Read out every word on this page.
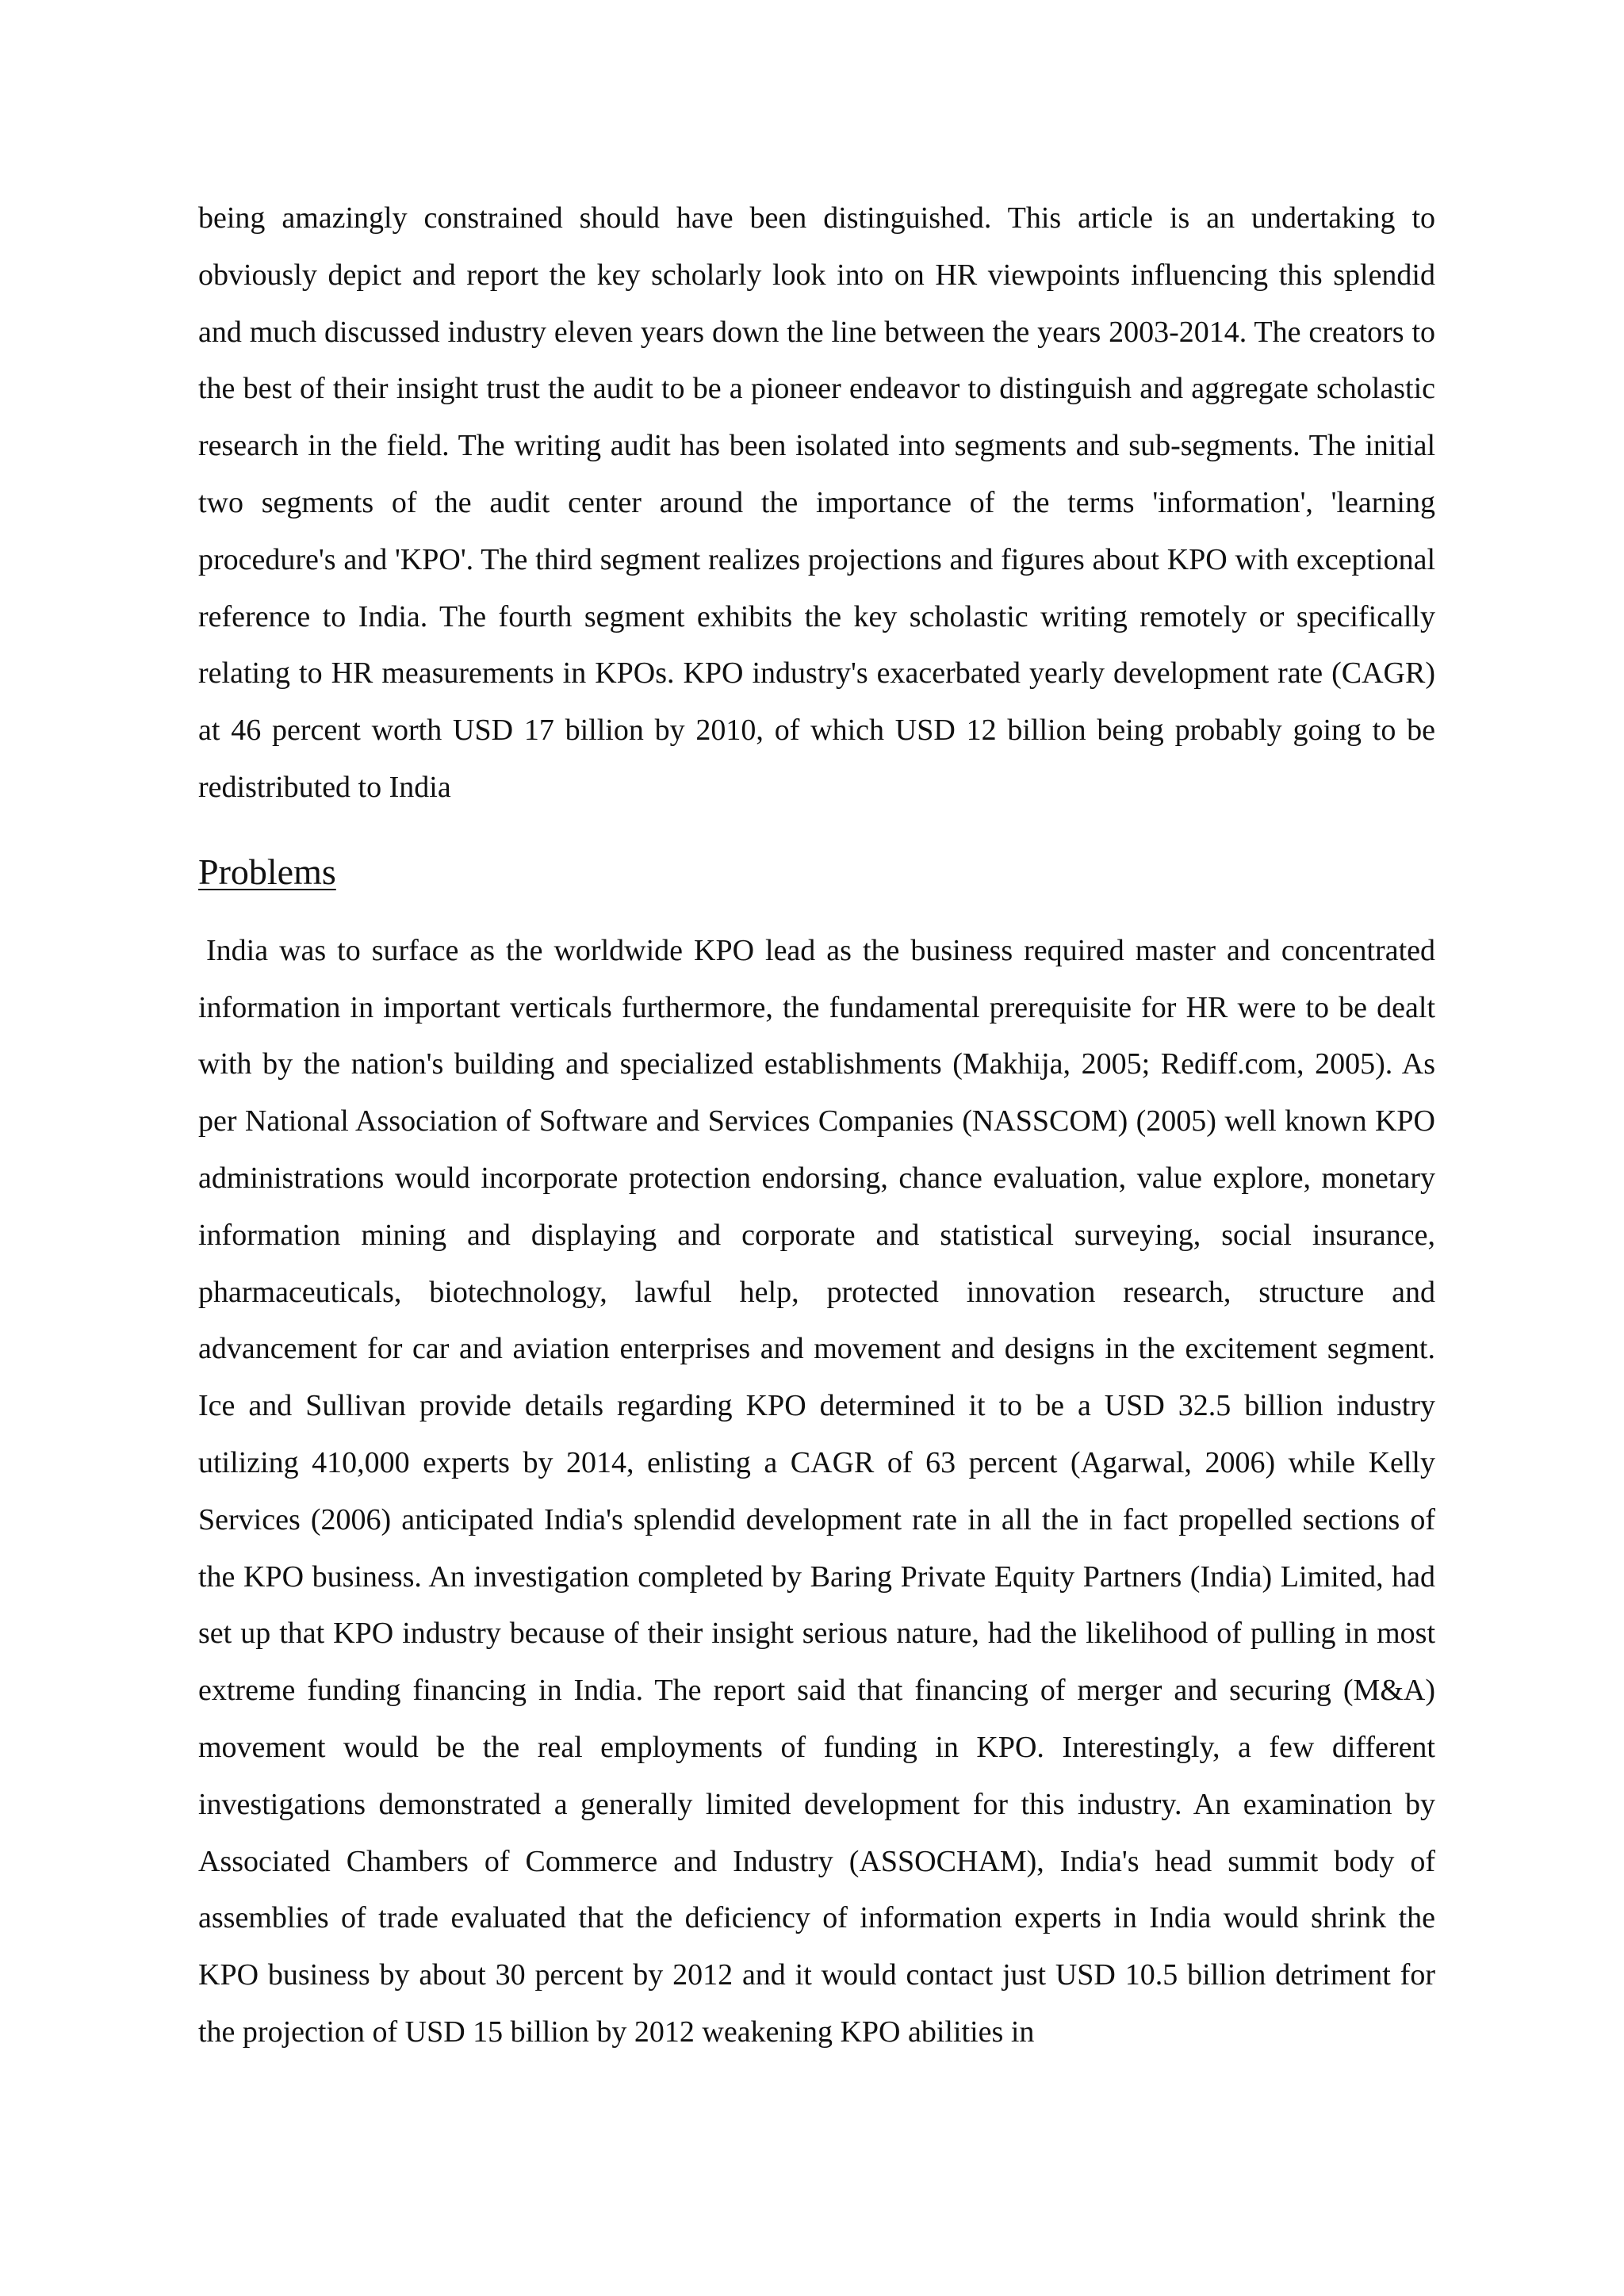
being amazingly constrained should have been distinguished. This article is an undertaking to obviously depict and report the key scholarly look into on HR viewpoints influencing this splendid and much discussed industry eleven years down the line between the years 2003-2014. The creators to the best of their insight trust the audit to be a pioneer endeavor to distinguish and aggregate scholastic research in the field. The writing audit has been isolated into segments and sub-segments. The initial two segments of the audit center around the importance of the terms 'information', 'learning procedure's and 'KPO'. The third segment realizes projections and figures about KPO with exceptional reference to India. The fourth segment exhibits the key scholastic writing remotely or specifically relating to HR measurements in KPOs. KPO industry's exacerbated yearly development rate (CAGR) at 46 percent worth USD 17 billion by 2010, of which USD 12 billion being probably going to be redistributed to India

Problems

India was to surface as the worldwide KPO lead as the business required master and concentrated information in important verticals furthermore, the fundamental prerequisite for HR were to be dealt with by the nation's building and specialized establishments (Makhija, 2005; Rediff.com, 2005). As per National Association of Software and Services Companies (NASSCOM) (2005) well known KPO administrations would incorporate protection endorsing, chance evaluation, value explore, monetary information mining and displaying and corporate and statistical surveying, social insurance, pharmaceuticals, biotechnology, lawful help, protected innovation research, structure and advancement for car and aviation enterprises and movement and designs in the excitement segment. Ice and Sullivan provide details regarding KPO determined it to be a USD 32.5 billion industry utilizing 410,000 experts by 2014, enlisting a CAGR of 63 percent (Agarwal, 2006) while Kelly Services (2006) anticipated India's splendid development rate in all the in fact propelled sections of the KPO business. An investigation completed by Baring Private Equity Partners (India) Limited, had set up that KPO industry because of their insight serious nature, had the likelihood of pulling in most extreme funding financing in India. The report said that financing of merger and securing (M&A) movement would be the real employments of funding in KPO. Interestingly, a few different investigations demonstrated a generally limited development for this industry. An examination by Associated Chambers of Commerce and Industry (ASSOCHAM), India's head summit body of assemblies of trade evaluated that the deficiency of information experts in India would shrink the KPO business by about 30 percent by 2012 and it would contact just USD 10.5 billion detriment for the projection of USD 15 billion by 2012 weakening KPO abilities in
